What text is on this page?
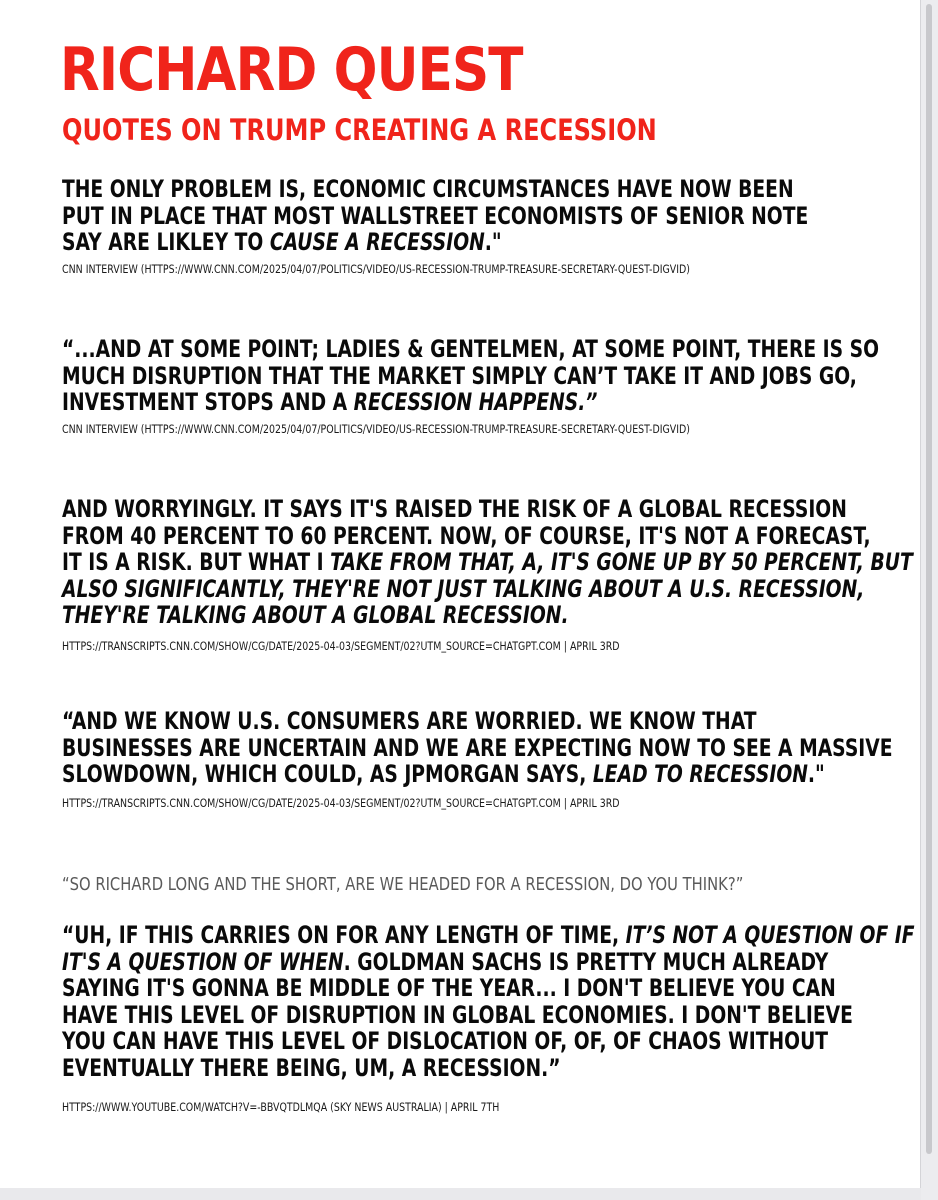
RICHARD QUEST
QUOTES ON TRUMP CREATING A RECESSION

THE ONLY PROBLEM IS, ECONOMIC CIRCUMSTANCES HAVE NOW BEEN
PUT IN PLACE THAT MOST WALLSTREET ECONOMISTS OF SENIOR NOTE
SAY ARE LIKLEY TO CAUSE A RECESSION."

CNN INTERVIEW (HTTPS://WWW.CNN.COM/2025/04/07/POLITICS/VIDEO/US-RECESSION-TRUMP-TREASURE-SECRETARY-QUEST-DIGVID)

“...AND AT SOME POINT; LADIES & GENTELMEN, AT SOME POINT, THERE IS SO
MUCH DISRUPTION THAT THE MARKET SIMPLY CAN’T TAKE IT AND JOBS GO,
INVESTMENT STOPS AND A RECESSION HAPPENS.”

CNN INTERVIEW (HTTPS://WWW.CNN.COM/2025/04/07/POLITICS/VIDEO/US-RECESSION-TRUMP-TREASURE-SECRETARY-QUEST-DIGVID)

AND WORRYINGLY. IT SAYS IT'S RAISED THE RISK OF A GLOBAL RECESSION
FROM 40 PERCENT TO 60 PERCENT. NOW, OF COURSE, IT'S NOT A FORECAST,
IT IS A RISK. BUT WHAT I TAKE FROM THAT, A, IT'S GONE UP BY 50 PERCENT, BUT
ALSO SIGNIFICANTLY, THEY'RE NOT JUST TALKING ABOUT A U.S. RECESSION,
THEY'RE TALKING ABOUT A GLOBAL RECESSION.

HTTPS://TRANSCRIPTS.CNN.COM/SHOW/CG/DATE/2025-04-03/SEGMENT/02?UTM_SOURCE=CHATGPT.COM | APRIL 3RD

“AND WE KNOW U.S. CONSUMERS ARE WORRIED. WE KNOW THAT
BUSINESSES ARE UNCERTAIN AND WE ARE EXPECTING NOW TO SEE A MASSIVE
SLOWDOWN, WHICH COULD, AS JPMORGAN SAYS, LEAD TO RECESSION."

HTTPS://TRANSCRIPTS.CNN.COM/SHOW/CG/DATE/2025-04-03/SEGMENT/02?UTM_SOURCE=CHATGPT.COM | APRIL 3RD

“SO RICHARD LONG AND THE SHORT, ARE WE HEADED FOR A RECESSION, DO YOU THINK?”

“UH, IF THIS CARRIES ON FOR ANY LENGTH OF TIME, IT’S NOT A QUESTION OF IF
IT'S A QUESTION OF WHEN. GOLDMAN SACHS IS PRETTY MUCH ALREADY
SAYING IT'S GONNA BE MIDDLE OF THE YEAR... I DON'T BELIEVE YOU CAN
HAVE THIS LEVEL OF DISRUPTION IN GLOBAL ECONOMIES. I DON'T BELIEVE
YOU CAN HAVE THIS LEVEL OF DISLOCATION OF, OF, OF CHAOS WITHOUT
EVENTUALLY THERE BEING, UM, A RECESSION.”

HTTPS://WWW.YOUTUBE.COM/WATCH?V=-BBVQTDLMQA (SKY NEWS AUSTRALIA) | APRIL 7TH
